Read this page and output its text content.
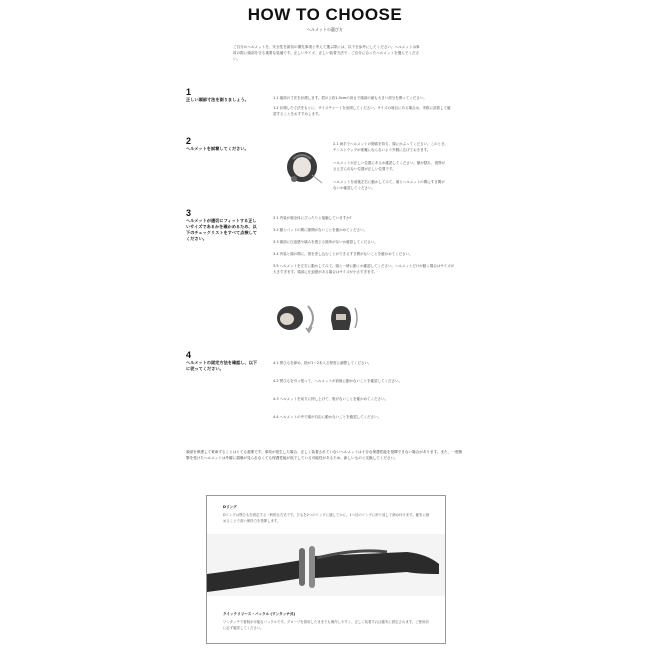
HOW TO CHOOSE
ヘルメットの選び方
ご自分のヘルメットを、安全性を最初の優先事項と考えて選ぶ際には、以下を参考にしてください。ヘルメットは事故の際に頭部を守る重要な装備です。正しいサイズ、正しい装着方法で、ご自分に合ったヘルメットを選んでください。
1
正しい頭部寸法を測りましょう。	1.1 頭部の寸法を計測します。眉の上約1.5cmの高さで頭部の最も大きい部分を測ってください。
1.2 計測した寸法をもとに、サイズチャートを参照してください。サイズの境目にある場合は、実際に試着して確認することをおすすめします。
2
ヘルメットを試着してください。
2.1 両手でヘルメットの側面を持ち、頭にかぶってください。このとき、チンストラップが邪魔にならないよう外側に広げておきます。
ヘルメットが正しい位置にあるか確認してください。額が隠れ、視界がさえぎられない位置が正しい位置です。
ヘルメットを前後左右に動かしてみて、頭とヘルメットの間にすき間がないか確認してください。
3
ヘルメットが適切にフィットする正しいサイズであるかを確かめるため、以下のチェックリストをすべて点検してください。
3.1 内装が頬全体にぴったりと接触していますか?
3.2 額とパッドの間に隙間がないことを確かめてください。
3.3 頭部に圧迫感や痛みを感じる箇所がないか確認してください。
3.4 内装と頭の間に、指を差し込むことができるすき間がないことを確かめてください。
3.5 ヘルメットを左右に動かしてみて、頭と一緒に動くか確認してください。ヘルメットだけが動く場合はサイズが大きすぎます。頭部に圧迫感がある場合はサイズが小さすぎます。
4
ヘルメットの固定方法を確認し、以下に従ってください。
4.1 顎ひもを締め、指が1〜2本入る程度に調整してください。
4.2 顎ひもを引っ張って、ヘルメットが前後に動かないことを確認してください。
4.3 ヘルメットを前方に押し上げて、脱げないことを確かめてください。
4.4 ヘルメットの中で頭が自由に動かないことを確認してください。
頭部を保護して乗車することはとても重要です。事故が発生した場合、正しく装着されていないヘルメットは十分な保護性能を発揮できない場合があります。また、一度衝撃を受けたヘルメットは外観に損傷が見られなくても保護性能が低下している可能性があるため、新しいものと交換してください。
Dリング
Dリングは顎ひもを固定する一般的な方式です。ひもを2つのリングに通してから、1つ目のリングに折り返して締め付けます。確実に締めることで高い保持力を発揮します。
クイックリリース・バックル (ワンタッチ式)
ワンタッチで着脱が可能なバックルです。グローブを着用したままでも操作しやすく、正しく装着すれば確実に固定されます。ご使用前に必ず確認してください。
